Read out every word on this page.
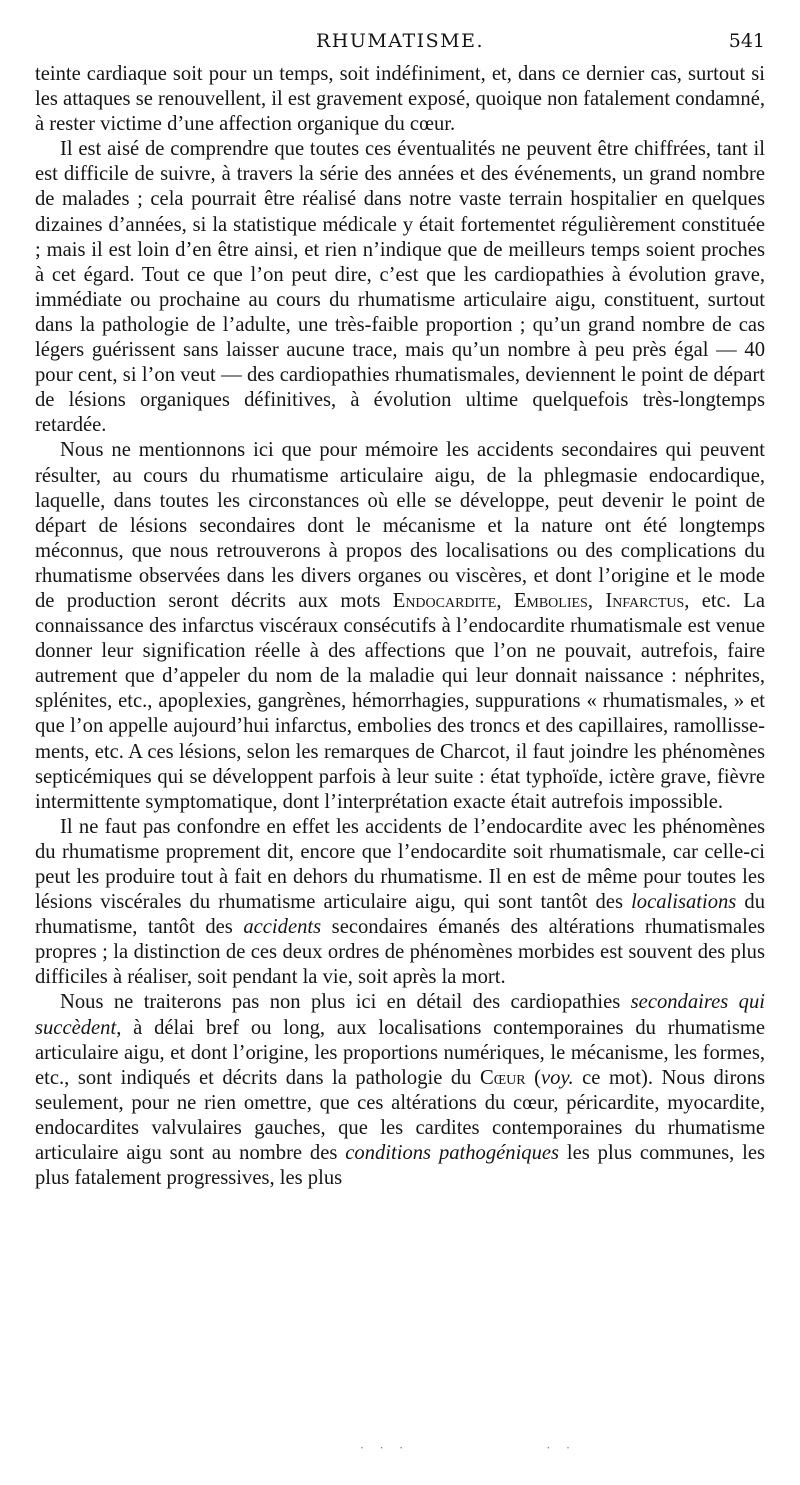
RHUMATISME.	541

teinte cardiaque soit pour un temps, soit indéfiniment, et, dans ce dernier cas, surtout si les attaques se renouvellent, il est gravement exposé, quoique non fatalement condamné, à rester victime d’une affection organique du cœur.

Il est aisé de comprendre que toutes ces éventualités ne peuvent être chiffrées, tant il est difficile de suivre, à travers la série des années et des événements, un grand nombre de malades ; cela pourrait être réalisé dans notre vaste terrain hospitalier en quelques dizaines d’années, si la statistique médicale y était fortementet régulièrement constituée ; mais il est loin d’en être ainsi, et rien n’indique que de meilleurs temps soient proches à cet égard. Tout ce que l’on peut dire, c’est que les cardiopathies à évolution grave, immédiate ou prochaine au cours du rhumatisme articulaire aigu, constituent, surtout dans la pathologie de l’adulte, une très-faible proportion ; qu’un grand nombre de cas légers guérissent sans laisser aucune trace, mais qu’un nombre à peu près égal — 40 pour cent, si l’on veut — des cardiopathies rhumatismales, deviennent le point de départ de lésions organiques définitives, à évolution ultime quelquefois très-longtemps retardée.

Nous ne mentionnons ici que pour mémoire les accidents secondaires qui peuvent résulter, au cours du rhumatisme articulaire aigu, de la phlegmasie endocardique, laquelle, dans toutes les circonstances où elle se développe, peut devenir le point de départ de lésions secondaires dont le mécanisme et la nature ont été longtemps méconnus, que nous retrouverons à propos des localisations ou des complications du rhumatisme observées dans les divers organes ou viscères, et dont l’origine et le mode de production seront décrits aux mots Endocardite, Embolies, Infarctus, etc. La connaissance des infarctus viscéraux consécutifs à l’endocardite rhumatismale est venue donner leur signification réelle à des affections que l’on ne pouvait, autrefois, faire autrement que d’appeler du nom de la maladie qui leur donnait naissance : néphrites, splénites, etc., apoplexies, gangrènes, hémorrhagies, suppurations « rhumatismales, » et que l’on appelle aujourd’hui infarctus, embolies des troncs et des capillaires, ramollissements, etc. A ces lésions, selon les remarques de Charcot, il faut joindre les phénomènes septicémiques qui se développent parfois à leur suite : état typhoïde, ictère grave, fièvre intermittente symptomatique, dont l’interprétation exacte était autrefois impossible.

Il ne faut pas confondre en effet les accidents de l’endocardite avec les phénomènes du rhumatisme proprement dit, encore que l’endocardite soit rhumatismale, car celle-ci peut les produire tout à fait en dehors du rhumatisme. Il en est de même pour toutes les lésions viscérales du rhumatisme articulaire aigu, qui sont tantôt des localisations du rhumatisme, tantôt des accidents secondaires émanés des altérations rhumatismales propres ; la distinction de ces deux ordres de phénomènes morbides est souvent des plus difficiles à réaliser, soit pendant la vie, soit après la mort.

Nous ne traiterons pas non plus ici en détail des cardiopathies secondaires qui succèdent, à délai bref ou long, aux localisations contemporaines du rhumatisme articulaire aigu, et dont l’origine, les proportions numériques, le mécanisme, les formes, etc., sont indiqués et décrits dans la pathologie du Cœur (voy. ce mot). Nous dirons seulement, pour ne rien omettre, que ces altérations du cœur, péricardite, myocardite, endocardites valvulaires gauches, que les cardites contemporaines du rhumatisme articulaire aigu sont au nombre des conditions pathogéniques les plus communes, les plus fatalement progressives, les plus

· · ·              · ·
